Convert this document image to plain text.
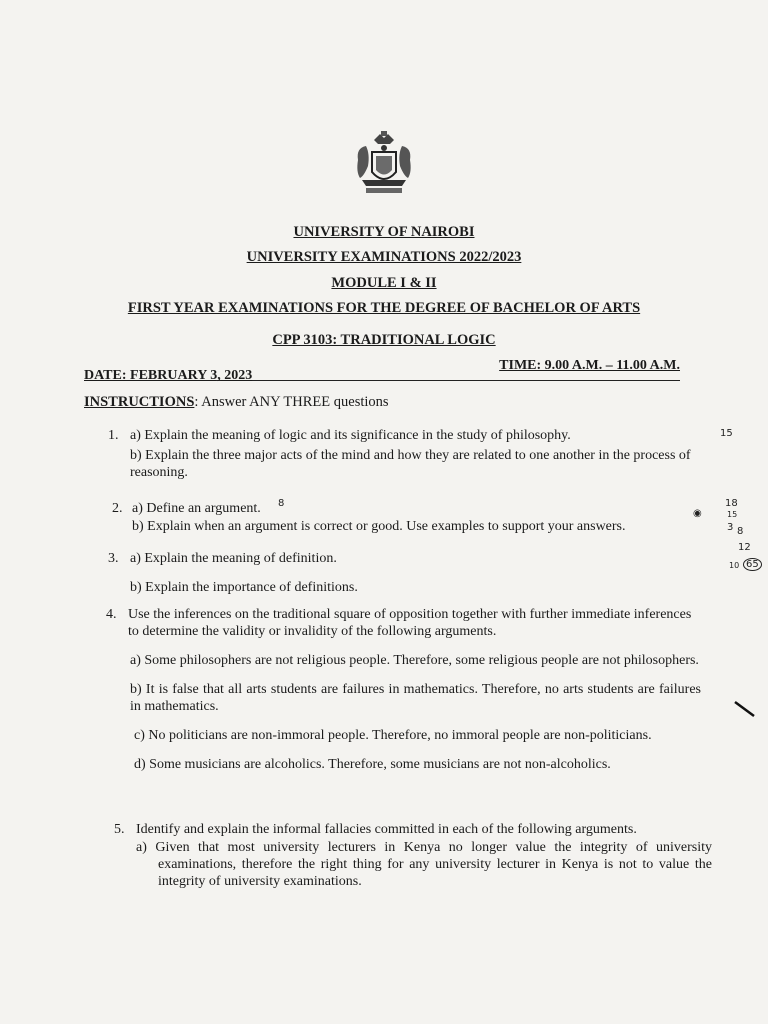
UNIVERSITY OF NAIROBI
UNIVERSITY EXAMINATIONS 2022/2023
MODULE I & II
FIRST YEAR EXAMINATIONS FOR THE DEGREE OF BACHELOR OF ARTS
CPP 3103: TRADITIONAL LOGIC
DATE: FEBRUARY 3, 2023
TIME: 9.00 A.M. – 11.00 A.M.
INSTRUCTIONS: Answer ANY THREE questions
1. a) Explain the meaning of logic and its significance in the study of philosophy.
b) Explain the three major acts of the mind and how they are related to one another in the process of reasoning.
2. a) Define an argument.
b) Explain when an argument is correct or good. Use examples to support your answers.
3. a) Explain the meaning of definition.
b) Explain the importance of definitions.
4. Use the inferences on the traditional square of opposition together with further immediate inferences to determine the validity or invalidity of the following arguments.
a) Some philosophers are not religious people. Therefore, some religious people are not philosophers.
b) It is false that all arts students are failures in mathematics. Therefore, no arts students are failures in mathematics.
c) No politicians are non-immoral people. Therefore, no immoral people are non-politicians.
d) Some musicians are alcoholics. Therefore, some musicians are not non-alcoholics.
5. Identify and explain the informal fallacies committed in each of the following arguments.
a) Given that most university lecturers in Kenya no longer value the integrity of university examinations, therefore the right thing for any university lecturer in Kenya is not to value the integrity of university examinations.
15
8
◉
18
15
3 8
12
10 65
